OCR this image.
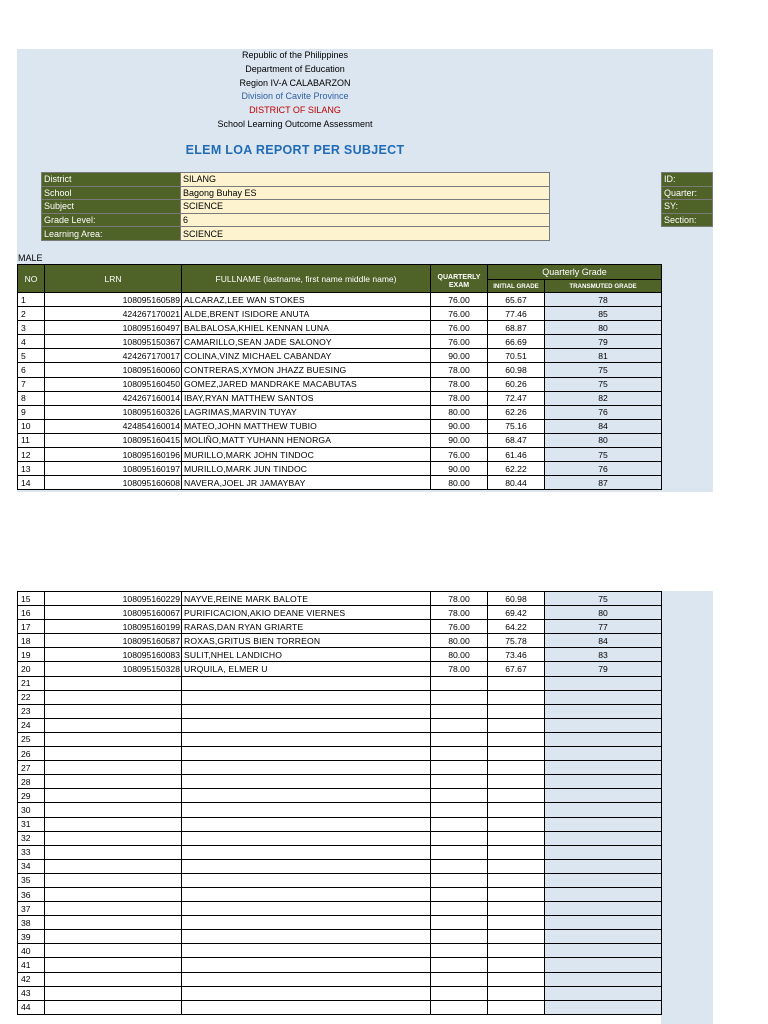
Republic of the Philippines
Department of Education
Region IV-A CALABARZON
Division of Cavite Province
DISTRICT OF SILANG
School Learning Outcome Assessment
ELEM LOA REPORT PER SUBJECT
District	SILANG
School	Bagong Buhay ES
Subject	SCIENCE
Grade Level:	6
Learning Area:	SCIENCE
ID:
Quarter:
SY:
Section:
MALE
NO	LRN	FULLNAME (lastname, first name middle name)	QUARTERLY EXAM	Quarterly Grade	
				INITIAL GRADE	TRANSMUTED GRADE
1	108095160589	ALCARAZ,LEE WAN STOKES	76.00	65.67	78
2	424267170021	ALDE,BRENT ISIDORE ANUTA	76.00	77.46	85
3	108095160497	BALBALOSA,KHIEL KENNAN LUNA	76.00	68.87	80
4	108095150367	CAMARILLO,SEAN JADE SALONOY	76.00	66.69	79
5	424267170017	COLINA,VINZ MICHAEL CABANDAY	90.00	70.51	81
6	108095160060	CONTRERAS,XYMON JHAZZ BUESING	78.00	60.98	75
7	108095160450	GOMEZ,JARED MANDRAKE MACABUTAS	78.00	60.26	75
8	424267160014	IBAY,RYAN MATTHEW SANTOS	78.00	72.47	82
9	108095160326	LAGRIMAS,MARVIN TUYAY	80.00	62.26	76
10	424854160014	MATEO,JOHN MATTHEW TUBIO	90.00	75.16	84
11	108095160415	MOLIÑO,MATT YUHANN HENORGA	90.00	68.47	80
12	108095160196	MURILLO,MARK JOHN TINDOC	76.00	61.46	75
13	108095160197	MURILLO,MARK JUN TINDOC	90.00	62.22	76
14	108095160608	NAVERA,JOEL JR JAMAYBAY	80.00	80.44	87
15	108095160229	NAYVE,REINE MARK BALOTE	78.00	60.98	75
16	108095160067	PURIFICACION,AKIO DEANE VIERNES	78.00	69.42	80
17	108095160199	RARAS,DAN RYAN GRIARTE	76.00	64.22	77
18	108095160587	ROXAS,GRITUS BIEN TORREON	80.00	75.78	84
19	108095160083	SULIT,NHEL LANDICHO	80.00	73.46	83
20	108095150328	URQUILA, ELMER U	78.00	67.67	79
21					
22					
23					
24					
25					
26					
27					
28					
29					
30					
31					
32					
33					
34					
35					
36					
37					
38					
39					
40					
41					
42					
43					
44					
